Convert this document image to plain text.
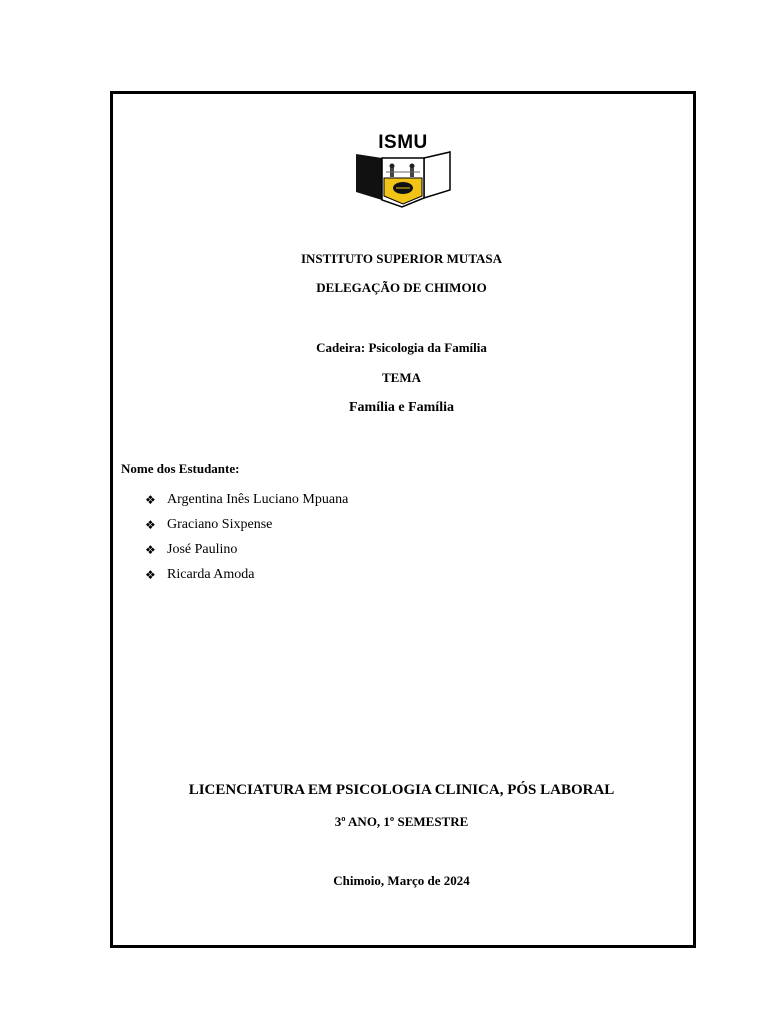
ISMU
INSTITUTO SUPERIOR MUTASA
DELEGAÇÃO DE CHIMOIO
Cadeira: Psicologia da Família
TEMA
Família e Família
Nome dos Estudante:
❖ Argentina Inês Luciano Mpuana
❖ Graciano Sixpense
❖ José Paulino
❖ Ricarda Amoda
LICENCIATURA EM PSICOLOGIA CLINICA, PÓS LABORAL
3º ANO, 1º SEMESTRE
Chimoio, Março de 2024
